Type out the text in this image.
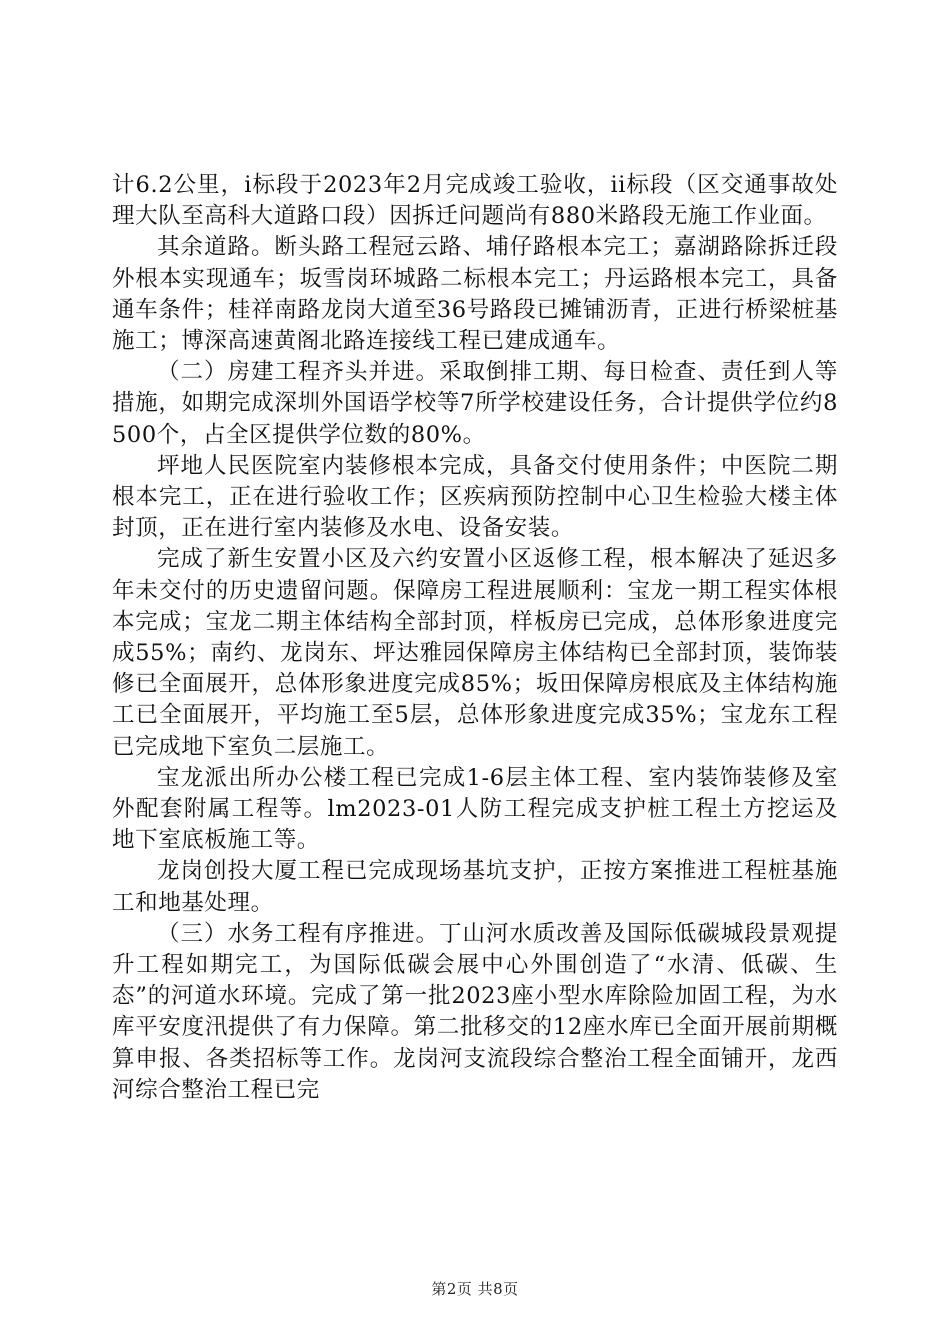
计6.2公里，i标段于2023年2月完成竣工验收，ii标段（区交通事故处理大队至高科大道路口段）因拆迁问题尚有880米路段无施工作业面。

其余道路。断头路工程冠云路、埔仔路根本完工；嘉湖路除拆迁段外根本实现通车；坂雪岗环城路二标根本完工；丹运路根本完工，具备通车条件；桂祥南路龙岗大道至36号路段已摊铺沥青，正进行桥梁桩基施工；博深高速黄阁北路连接线工程已建成通车。

（二）房建工程齐头并进。采取倒排工期、每日检查、责任到人等措施，如期完成深圳外国语学校等7所学校建设任务，合计提供学位约8500个，占全区提供学位数的80%。

坪地人民医院室内装修根本完成，具备交付使用条件；中医院二期根本完工，正在进行验收工作；区疾病预防控制中心卫生检验大楼主体封顶，正在进行室内装修及水电、设备安装。

完成了新生安置小区及六约安置小区返修工程，根本解决了延迟多年未交付的历史遗留问题。保障房工程进展顺利：宝龙一期工程实体根本完成；宝龙二期主体结构全部封顶，样板房已完成，总体形象进度完成55%；南约、龙岗东、坪达雅园保障房主体结构已全部封顶，装饰装修已全面展开，总体形象进度完成85%；坂田保障房根底及主体结构施工已全面展开，平均施工至5层，总体形象进度完成35%；宝龙东工程已完成地下室负二层施工。

宝龙派出所办公楼工程已完成1-6层主体工程、室内装饰装修及室外配套附属工程等。lm2023-01人防工程完成支护桩工程土方挖运及地下室底板施工等。

龙岗创投大厦工程已完成现场基坑支护，正按方案推进工程桩基施工和地基处理。

（三）水务工程有序推进。丁山河水质改善及国际低碳城段景观提升工程如期完工，为国际低碳会展中心外围创造了“水清、低碳、生态”的河道水环境。完成了第一批2023座小型水库除险加固工程，为水库平安度汛提供了有力保障。第二批移交的12座水库已全面开展前期概算申报、各类招标等工作。龙岗河支流段综合整治工程全面铺开，龙西河综合整治工程已完

第2页 共8页
